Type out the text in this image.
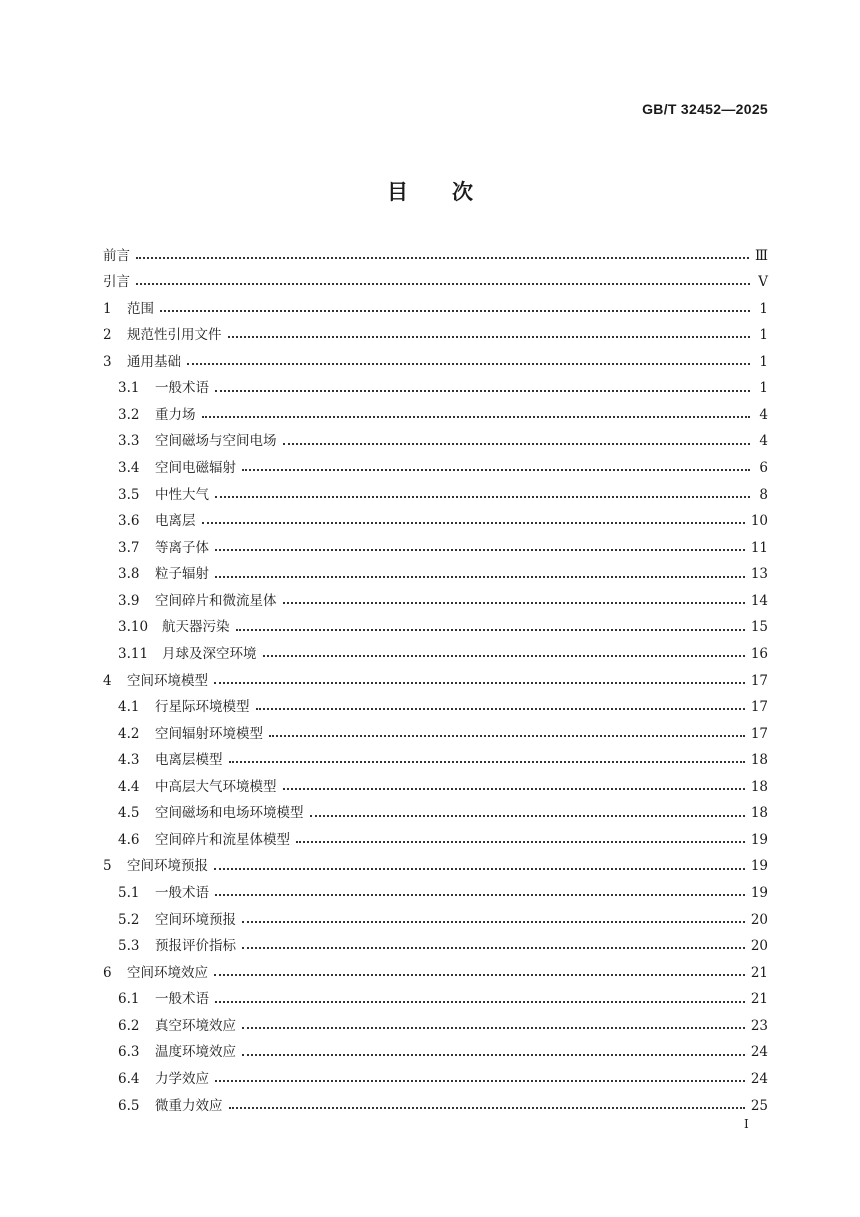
GB/T 32452—2025
目次
前言	Ⅲ
引言	Ⅴ
1 范围	1
2 规范性引用文件	1
3 通用基础	1
3.1 一般术语	1
3.2 重力场	4
3.3 空间磁场与空间电场	4
3.4 空间电磁辐射	6
3.5 中性大气	8
3.6 电离层	10
3.7 等离子体	11
3.8 粒子辐射	13
3.9 空间碎片和微流星体	14
3.10 航天器污染	15
3.11 月球及深空环境	16
4 空间环境模型	17
4.1 行星际环境模型	17
4.2 空间辐射环境模型	17
4.3 电离层模型	18
4.4 中高层大气环境模型	18
4.5 空间磁场和电场环境模型	18
4.6 空间碎片和流星体模型	19
5 空间环境预报	19
5.1 一般术语	19
5.2 空间环境预报	20
5.3 预报评价指标	20
6 空间环境效应	21
6.1 一般术语	21
6.2 真空环境效应	23
6.3 温度环境效应	24
6.4 力学效应	24
6.5 微重力效应	25
I
